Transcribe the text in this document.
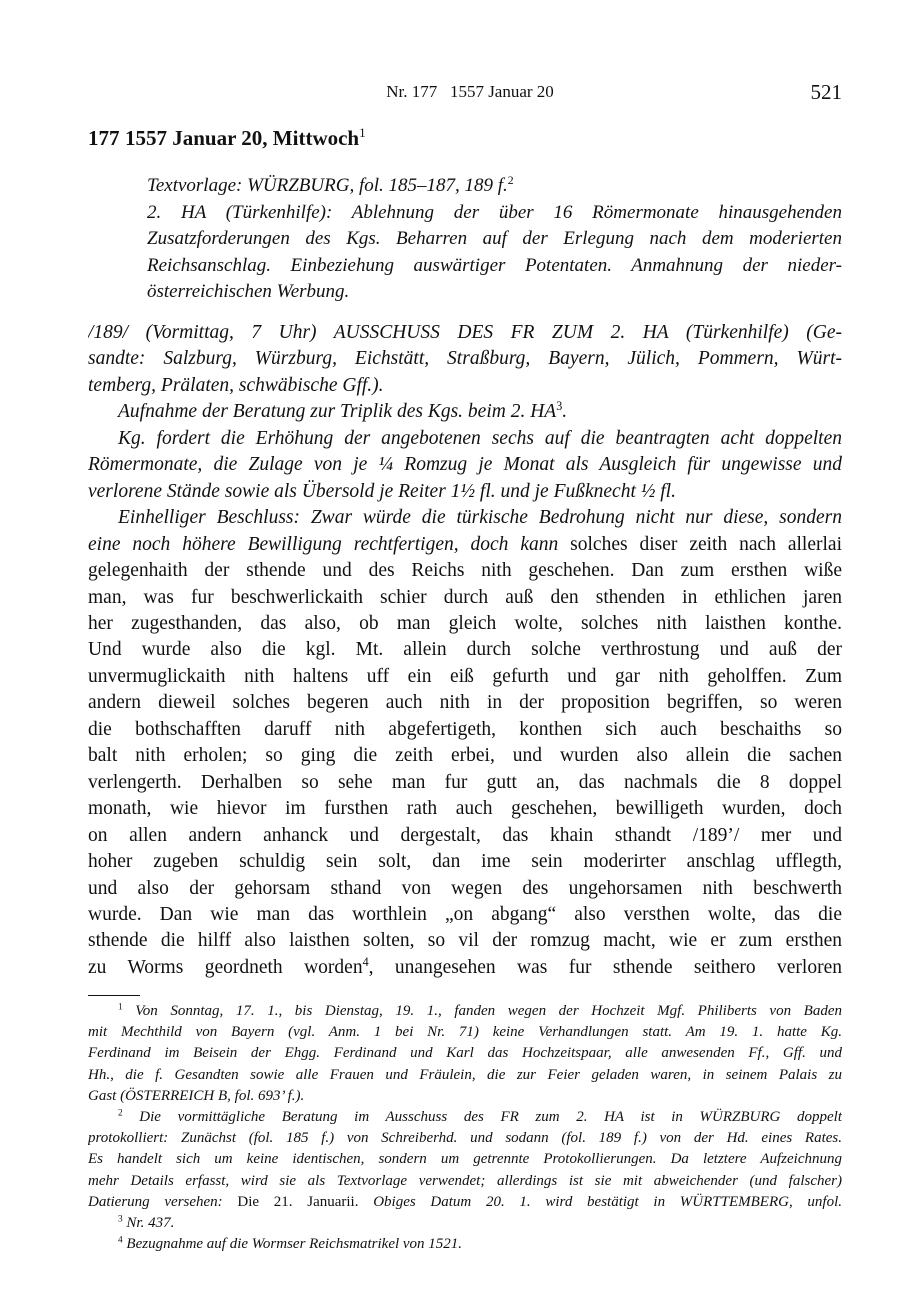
Nr. 177   1557 Januar 20	521
177 1557 Januar 20, Mittwoch$^1$
Textvorlage: WÜRZBURG, fol. 185–187, 189 f.$^2$
2. HA (Türkenhilfe): Ablehnung der über 16 Römermonate hinausgehenden
Zusatzforderungen des Kgs. Beharren auf der Erlegung nach dem moderierten
Reichsanschlag. Einbeziehung auswärtiger Potentaten. Anmahnung der nieder-
österreichischen Werbung.
/189/ (Vormittag, 7 Uhr) AUSSCHUSS DES FR ZUM 2. HA (Türkenhilfe) (Ge-
sandte: Salzburg, Würzburg, Eichstätt, Straßburg, Bayern, Jülich, Pommern, Würt-
temberg, Prälaten, schwäbische Gff.).
Aufnahme der Beratung zur Triplik des Kgs. beim 2. $HA^3$.
Kg. fordert die Erhöhung der angebotenen sechs auf die beantragten acht doppelten
Römermonate, die Zulage von je ¼ Romzug je Monat als Ausgleich für ungewisse und
verlorene Stände sowie als Übersold je Reiter 1½ fl. und je Fußknecht ½ fl.
Einhelliger Beschluss: Zwar würde die türkische Bedrohung nicht nur diese, sondern
eine noch höhere Bewilligung rechtfertigen, doch kann solches diser zeith nach allerlai
gelegenhaith der sthende und des Reichs nith geschehen. Dan zum ersthen wiße
man, was fur beschwerlickaith schier durch auß den sthenden in ethlichen jaren
her zugesthanden, das also, ob man gleich wolte, solches nith laisthen konthe.
Und wurde also die kgl. Mt. allein durch solche verthrostung und auß der
unvermuglickaith nith haltens uff ein eiß gefurth und gar nith geholffen. Zum
andern dieweil solches begeren auch nith in der proposition begriffen, so weren
die bothschafften daruff nith abgefertigeth, konthen sich auch beschaiths so
balt nith erholen; so ging die zeith erbei, und wurden also allein die sachen
verlengerth. Derhalben so sehe man fur gutt an, das nachmals die 8 doppel
monath, wie hievor im fursthen rath auch geschehen, bewilligeth wurden, doch
on allen andern anhanck und dergestalt, das khain sthandt /189’/ mer und
hoher zugeben schuldig sein solt, dan ime sein moderirter anschlag ufflegth,
und also der gehorsam sthand von wegen des ungehorsamen nith beschwerth
wurde. Dan wie man das worthlein „on abgang“ also versthen wolte, das die
sthende die hilff also laisthen solten, so vil der romzug macht, wie er zum ersthen
zu Worms geordneth worden$^4$, unangesehen was fur sthende seithero verloren
$^1$ Von Sonntag, 17. 1., bis Dienstag, 19. 1., fanden wegen der Hochzeit Mgf. Philiberts von Baden
mit Mechthild von Bayern (vgl. Anm. 1 bei Nr. 71) keine Verhandlungen statt. Am 19. 1. hatte Kg.
Ferdinand im Beisein der Ehgg. Ferdinand und Karl das Hochzeitspaar, alle anwesenden Ff., Gff. und
Hh., die f. Gesandten sowie alle Frauen und Fräulein, die zur Feier geladen waren, in seinem Palais zu
Gast (ÖSTERREICH B, fol. 693’ f.).
$^2$ Die vormittägliche Beratung im Ausschuss des FR zum 2. HA ist in WÜRZBURG doppelt
protokolliert: Zunächst (fol. 185 f.) von Schreiberhd. und sodann (fol. 189 f.) von der Hd. eines Rates.
Es handelt sich um keine identischen, sondern um getrennte Protokollierungen. Da letztere Aufzeichnung
mehr Details erfasst, wird sie als Textvorlage verwendet; allerdings ist sie mit abweichender (und falscher)
Datierung versehen: Die 21. Januarii. Obiges Datum 20. 1. wird bestätigt in WÜRTTEMBERG, unfol.
$^3$ Nr. 437.
$^4$ Bezugnahme auf die Wormser Reichsmatrikel von 1521.
